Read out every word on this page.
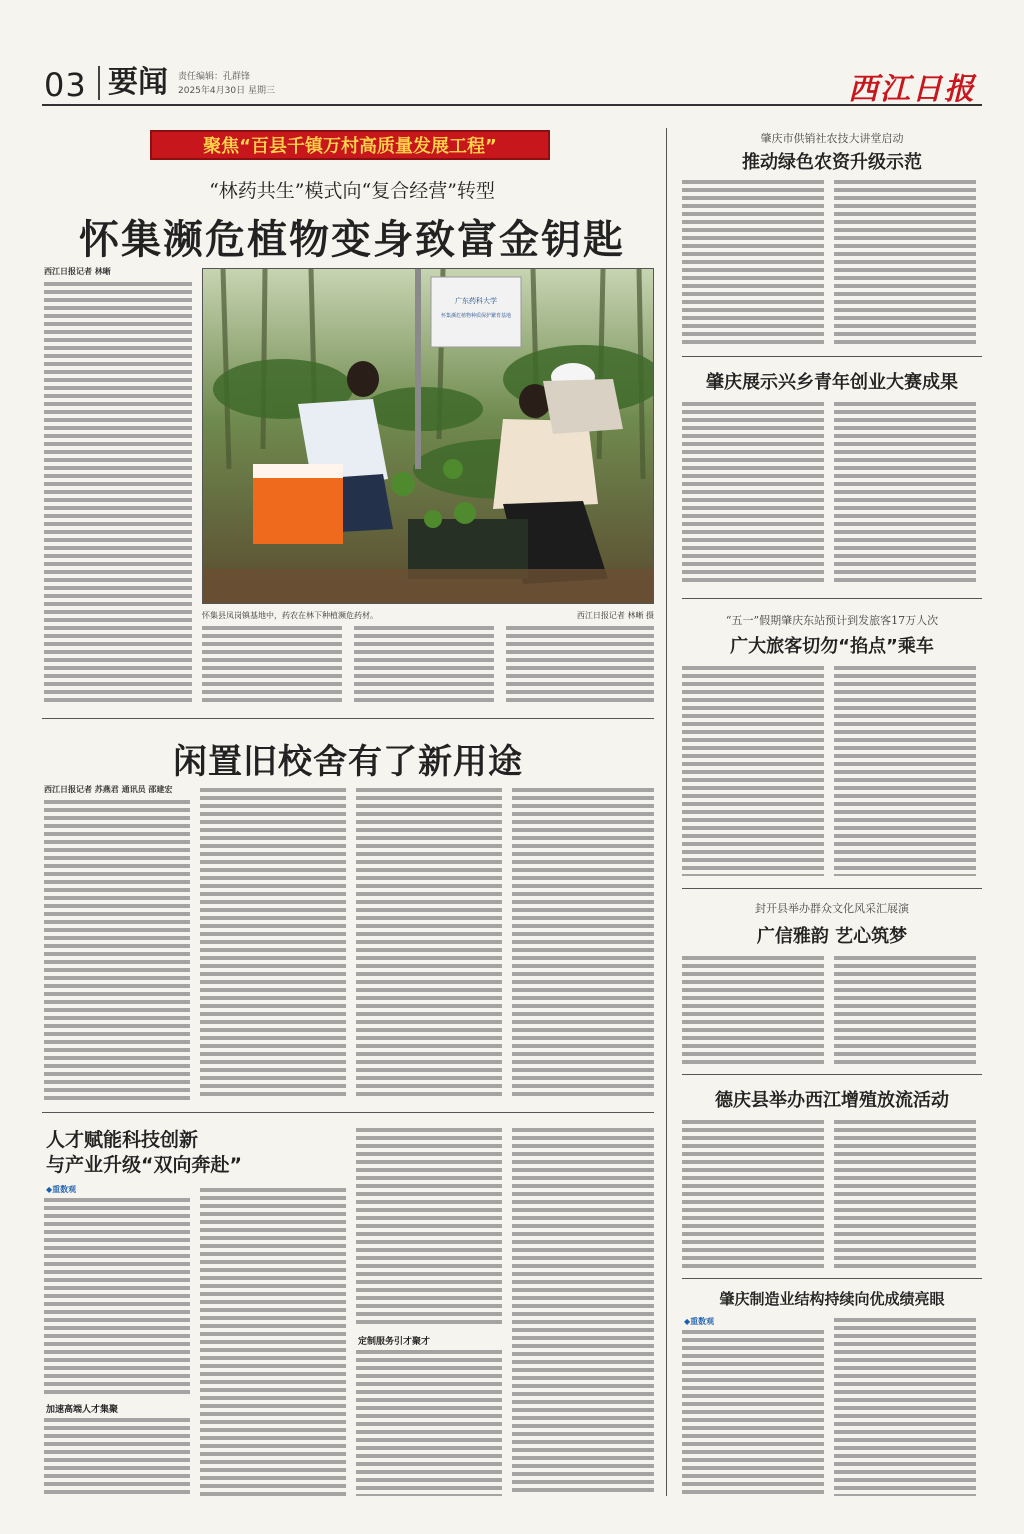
03 要闻 责任编辑：孔群锋
2025年4月30日 星期三	西江日报
聚焦“百县千镇万村高质量发展工程”
“林药共生”模式向“复合经营”转型
怀集濒危植物变身致富金钥匙
西江日报记者 林晰
广东药科大学
怀集濒危植物种质保护繁育基地
怀集县凤岗镇基地中，药农在林下种植濒危药材。	西江日报记者 林晰 摄
闲置旧校舍有了新用途
西江日报记者 苏燕君 通讯员 邵建宏
人才赋能科技创新
与产业升级“双向奔赴”
◆重数观
加速高端人才集聚
定制服务引才聚才
肇庆市供销社农技大讲堂启动
推动绿色农资升级示范
肇庆展示兴乡青年创业大赛成果
“五一”假期肇庆东站预计到发旅客17万人次
广大旅客切勿“掐点”乘车
封开县举办群众文化风采汇展演
广信雅韵 艺心筑梦
德庆县举办西江增殖放流活动
肇庆制造业结构持续向优成绩亮眼
◆重数观
